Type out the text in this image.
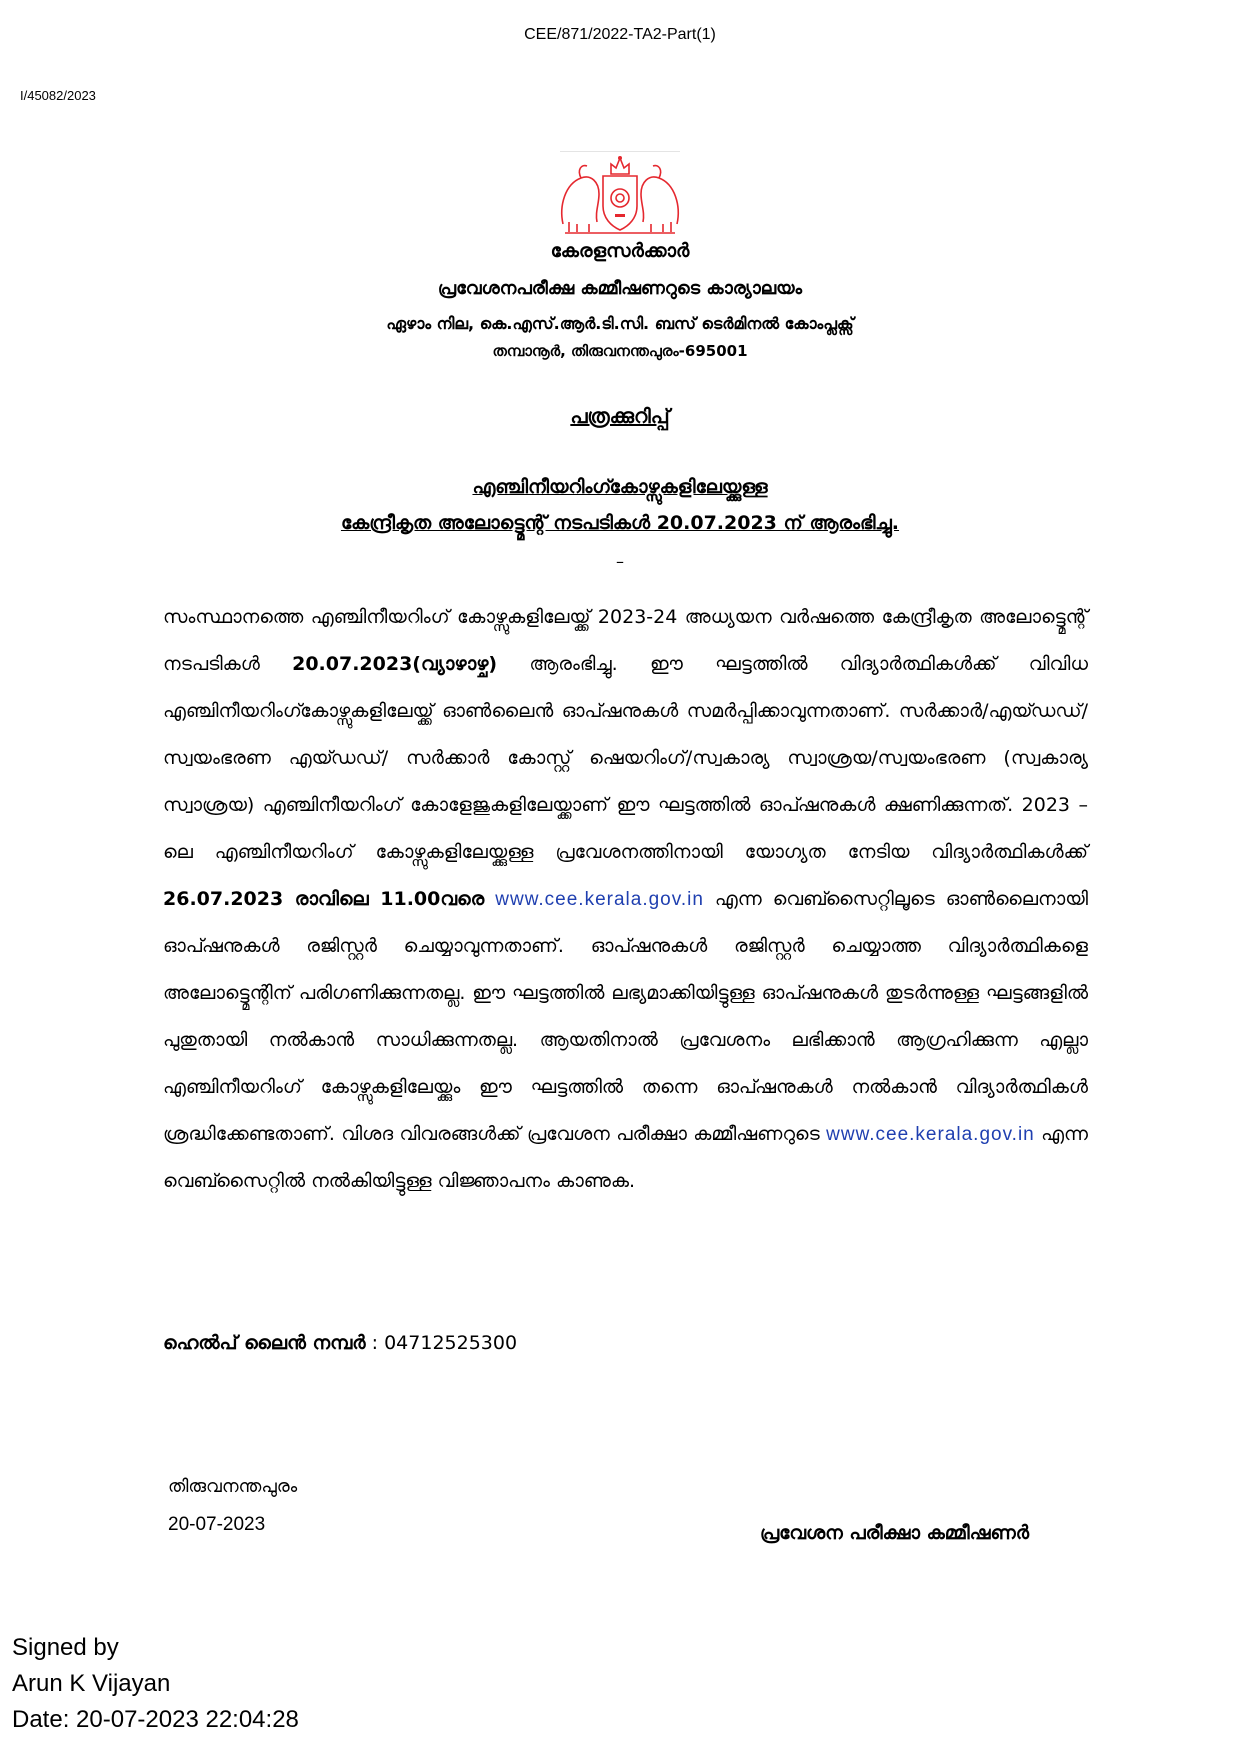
CEE/871/2022-TA2-Part(1)
I/45082/2023
കേരളസർക്കാർ
പ്രവേശനപരീക്ഷ കമ്മീഷണറുടെ കാര്യാലയം
ഏഴാം നില, കെ.എസ്.ആർ.ടി.സി. ബസ് ടെർമിനൽ കോംപ്ലക്സ്
തമ്പാനൂർ, തിരുവനന്തപുരം-695001
പത്രക്കുറിപ്പ്
എഞ്ചിനീയറിംഗ്കോഴ്സുകളിലേയ്ക്കുള്ള
കേന്ദ്രീകൃത അലോട്ട്മെന്റ് നടപടികൾ 20.07.2023 ന് ആരംഭിച്ചു.
–
സംസ്ഥാനത്തെ എഞ്ചിനീയറിംഗ് കോഴ്സുകളിലേയ്ക്ക് 2023-24 അധ്യയന വർഷത്തെ കേന്ദ്രീകൃത അലോട്ട്മെന്റ് നടപടികൾ 20.07.2023(വ്യാഴാഴ്ച) ആരംഭിച്ചു. ഈ ഘട്ടത്തിൽ വിദ്യാർത്ഥികൾക്ക് വിവിധ എഞ്ചിനീയറിംഗ്കോഴ്സുകളിലേയ്ക്ക് ഓൺലൈൻ ഓപ്ഷനുകൾ സമർപ്പിക്കാവുന്നതാണ്. സർക്കാർ/എയ്ഡഡ്/ സ്വയംഭരണ എയ്ഡഡ്/ സർക്കാർ കോസ്റ്റ് ഷെയറിംഗ്/സ്വകാര്യ സ്വാശ്രയ/സ്വയംഭരണ (സ്വകാര്യ സ്വാശ്രയ) എഞ്ചിനീയറിംഗ് കോളേജുകളിലേയ്ക്കാണ് ഈ ഘട്ടത്തിൽ ഓപ്ഷനുകൾ ക്ഷണിക്കുന്നത്. 2023 – ലെ എഞ്ചിനീയറിംഗ് കോഴ്സുകളിലേയ്ക്കുള്ള പ്രവേശനത്തിനായി യോഗ്യത നേടിയ വിദ്യാർത്ഥികൾക്ക് 26.07.2023 രാവിലെ 11.00വരെ www.cee.kerala.gov.in എന്ന വെബ്സൈറ്റിലൂടെ ഓൺലൈനായി ഓപ്ഷനുകൾ രജിസ്റ്റർ ചെയ്യാവുന്നതാണ്. ഓപ്ഷനുകൾ രജിസ്റ്റർ ചെയ്യാത്ത വിദ്യാർത്ഥികളെ അലോട്ട്മെന്റിന് പരിഗണിക്കുന്നതല്ല. ഈ ഘട്ടത്തിൽ ലഭ്യമാക്കിയിട്ടുള്ള ഓപ്ഷനുകൾ തുടർന്നുള്ള ഘട്ടങ്ങളിൽ പുതുതായി നൽകാൻ സാധിക്കുന്നതല്ല. ആയതിനാൽ പ്രവേശനം ലഭിക്കാൻ ആഗ്രഹിക്കുന്ന എല്ലാ എഞ്ചിനീയറിംഗ് കോഴ്സുകളിലേയ്ക്കും ഈ ഘട്ടത്തിൽ തന്നെ ഓപ്ഷനുകൾ നൽകാൻ വിദ്യാർത്ഥികൾ ശ്രദ്ധിക്കേണ്ടതാണ്. വിശദ വിവരങ്ങൾക്ക് പ്രവേശന പരീക്ഷാ കമ്മീഷണറുടെ www.cee.kerala.gov.in എന്ന വെബ്സൈറ്റിൽ നൽകിയിട്ടുള്ള വിജ്ഞാപനം കാണുക.
ഹെൽപ് ലൈൻ നമ്പർ : 04712525300
തിരുവനന്തപുരം
20-07-2023	പ്രവേശന പരീക്ഷാ കമ്മീഷണർ
Signed by
Arun K Vijayan
Date: 20-07-2023 22:04:28
